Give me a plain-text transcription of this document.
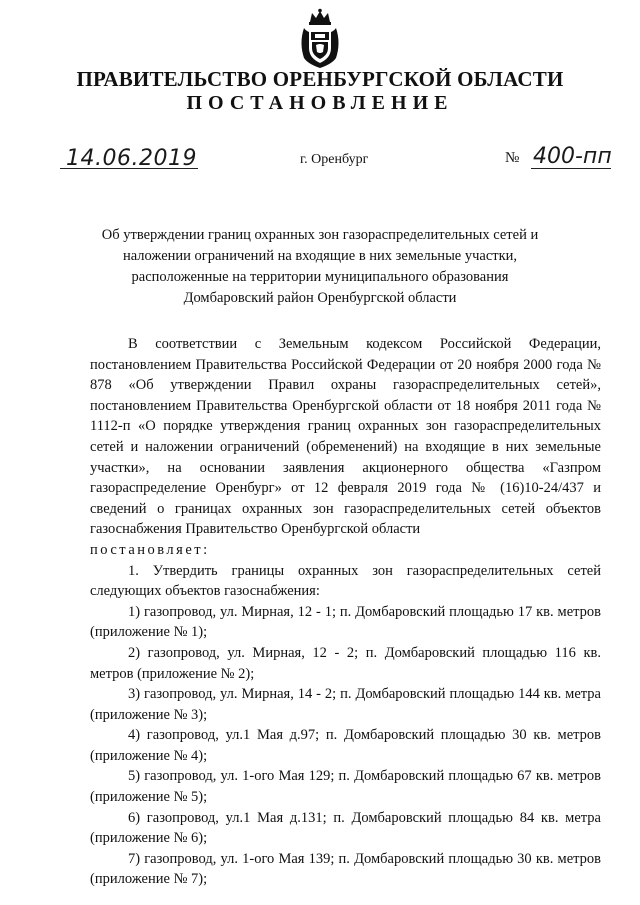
ПРАВИТЕЛЬСТВО ОРЕНБУРГСКОЙ ОБЛАСТИ
ПОСТАНОВЛЕНИЕ
14.06.2019	г. Оренбург	№ 400-пп
Об утверждении границ охранных зон газораспределительных сетей и
наложении ограничений на входящие в них земельные участки,
расположенные на территории муниципального образования
Домбаровский район Оренбургской области

В соответствии с Земельным кодексом Российской Федерации, постановлением Правительства Российской Федерации от 20 ноября 2000 года № 878 «Об утверждении Правил охраны газораспределительных сетей», постановлением Правительства Оренбургской области от 18 ноября 2011 года № 1112-п «О порядке утверждения границ охранных зон газораспределительных сетей и наложении ограничений (обременений) на входящие в них земельные участки», на основании заявления акционерного общества «Газпром газораспределение Оренбург» от 12 февраля 2019 года № (16)10-24/437 и сведений о границах охранных зон газораспределительных сетей объектов газоснабжения Правительство Оренбургской области

постановляет:

1. Утвердить границы охранных зон газораспределительных сетей следующих объектов газоснабжения:

1) газопровод, ул. Мирная, 12 - 1; п. Домбаровский площадью 17 кв. метров (приложение № 1);

2) газопровод, ул. Мирная, 12 - 2; п. Домбаровский площадью 116 кв. метров (приложение № 2);

3) газопровод, ул. Мирная, 14 - 2; п. Домбаровский площадью 144 кв. метра (приложение № 3);

4) газопровод, ул.1 Мая д.97; п. Домбаровский площадью 30 кв. метров (приложение № 4);

5) газопровод, ул. 1-ого Мая 129; п. Домбаровский площадью 67 кв. метров (приложение № 5);

6) газопровод, ул.1 Мая д.131; п. Домбаровский площадью 84 кв. метра (приложение № 6);

7) газопровод, ул. 1-ого Мая 139; п. Домбаровский площадью 30 кв. метров (приложение № 7);
